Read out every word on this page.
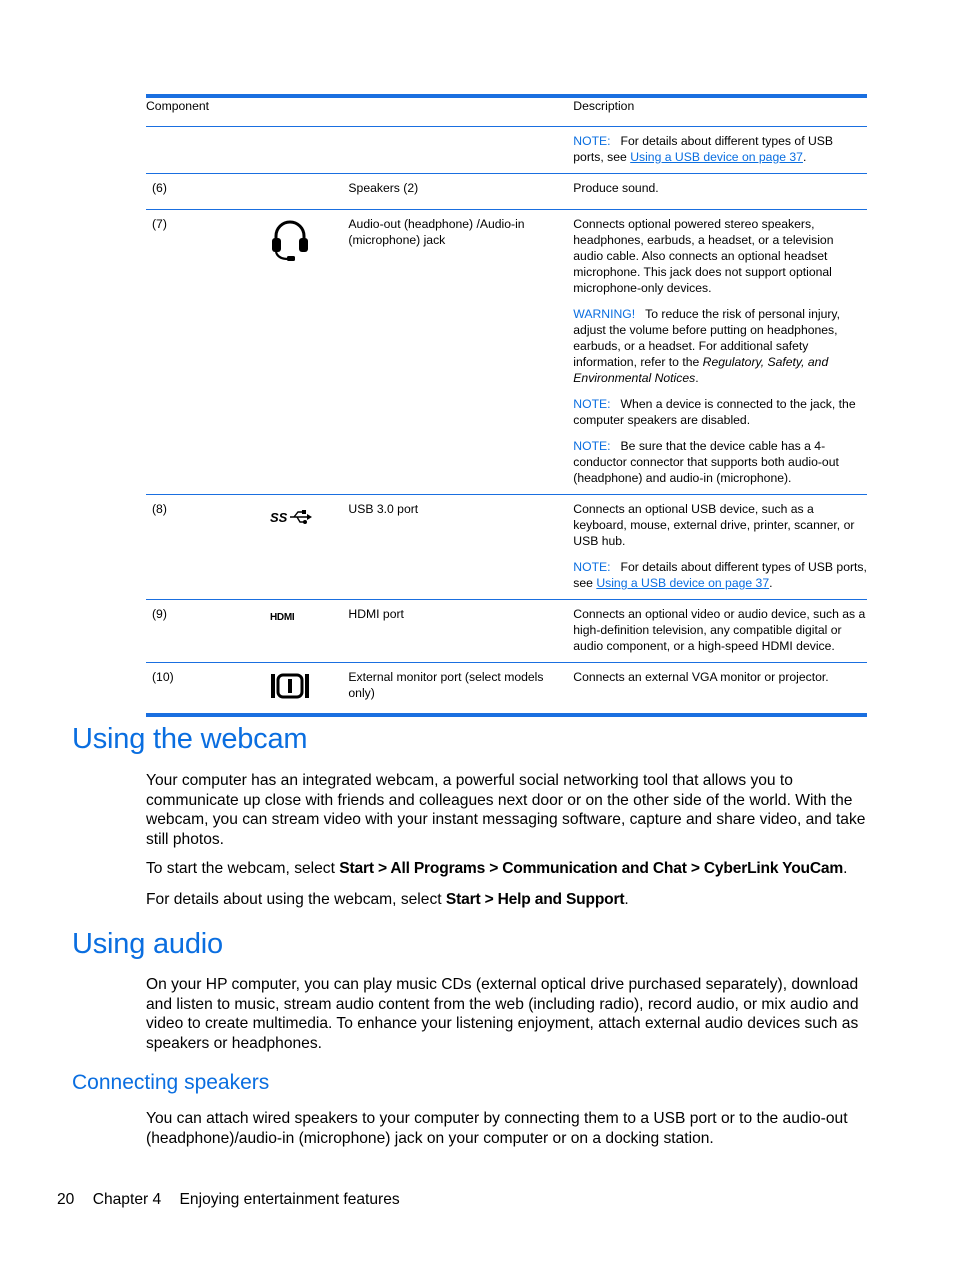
Component			Description

			NOTE: For details about different types of USB ports, see Using a USB device on page 37.

(6)		Speakers (2)	Produce sound.

(7)		Audio-out (headphone) /Audio-in (microphone) jack	Connects optional powered stereo speakers, headphones, earbuds, a headset, or a television audio cable. Also connects an optional headset microphone. This jack does not support optional microphone-only devices.

WARNING! To reduce the risk of personal injury, adjust the volume before putting on headphones, earbuds, or a headset. For additional safety information, refer to the Regulatory, Safety, and Environmental Notices.

NOTE: When a device is connected to the jack, the computer speakers are disabled.

NOTE: Be sure that the device cable has a 4-conductor connector that supports both audio-out (headphone) and audio-in (microphone).

(8)	SS	USB 3.0 port	Connects an optional USB device, such as a keyboard, mouse, external drive, printer, scanner, or USB hub.

NOTE: For details about different types of USB ports, see Using a USB device on page 37.

(9)	HDMI	HDMI port	Connects an optional video or audio device, such as a high-definition television, any compatible digital or audio component, or a high-speed HDMI device.

(10)		External monitor port (select models only)	Connects an external VGA monitor or projector.

Using the webcam

Your computer has an integrated webcam, a powerful social networking tool that allows you to communicate up close with friends and colleagues next door or on the other side of the world. With the webcam, you can stream video with your instant messaging software, capture and share video, and take still photos.

To start the webcam, select Start > All Programs > Communication and Chat > CyberLink YouCam.

For details about using the webcam, select Start > Help and Support.

Using audio

On your HP computer, you can play music CDs (external optical drive purchased separately), download and listen to music, stream audio content from the web (including radio), record audio, or mix audio and video to create multimedia. To enhance your listening enjoyment, attach external audio devices such as speakers or headphones.

Connecting speakers

You can attach wired speakers to your computer by connecting them to a USB port or to the audio-out (headphone)/audio-in (microphone) jack on your computer or on a docking station.

20 Chapter 4 Enjoying entertainment features
